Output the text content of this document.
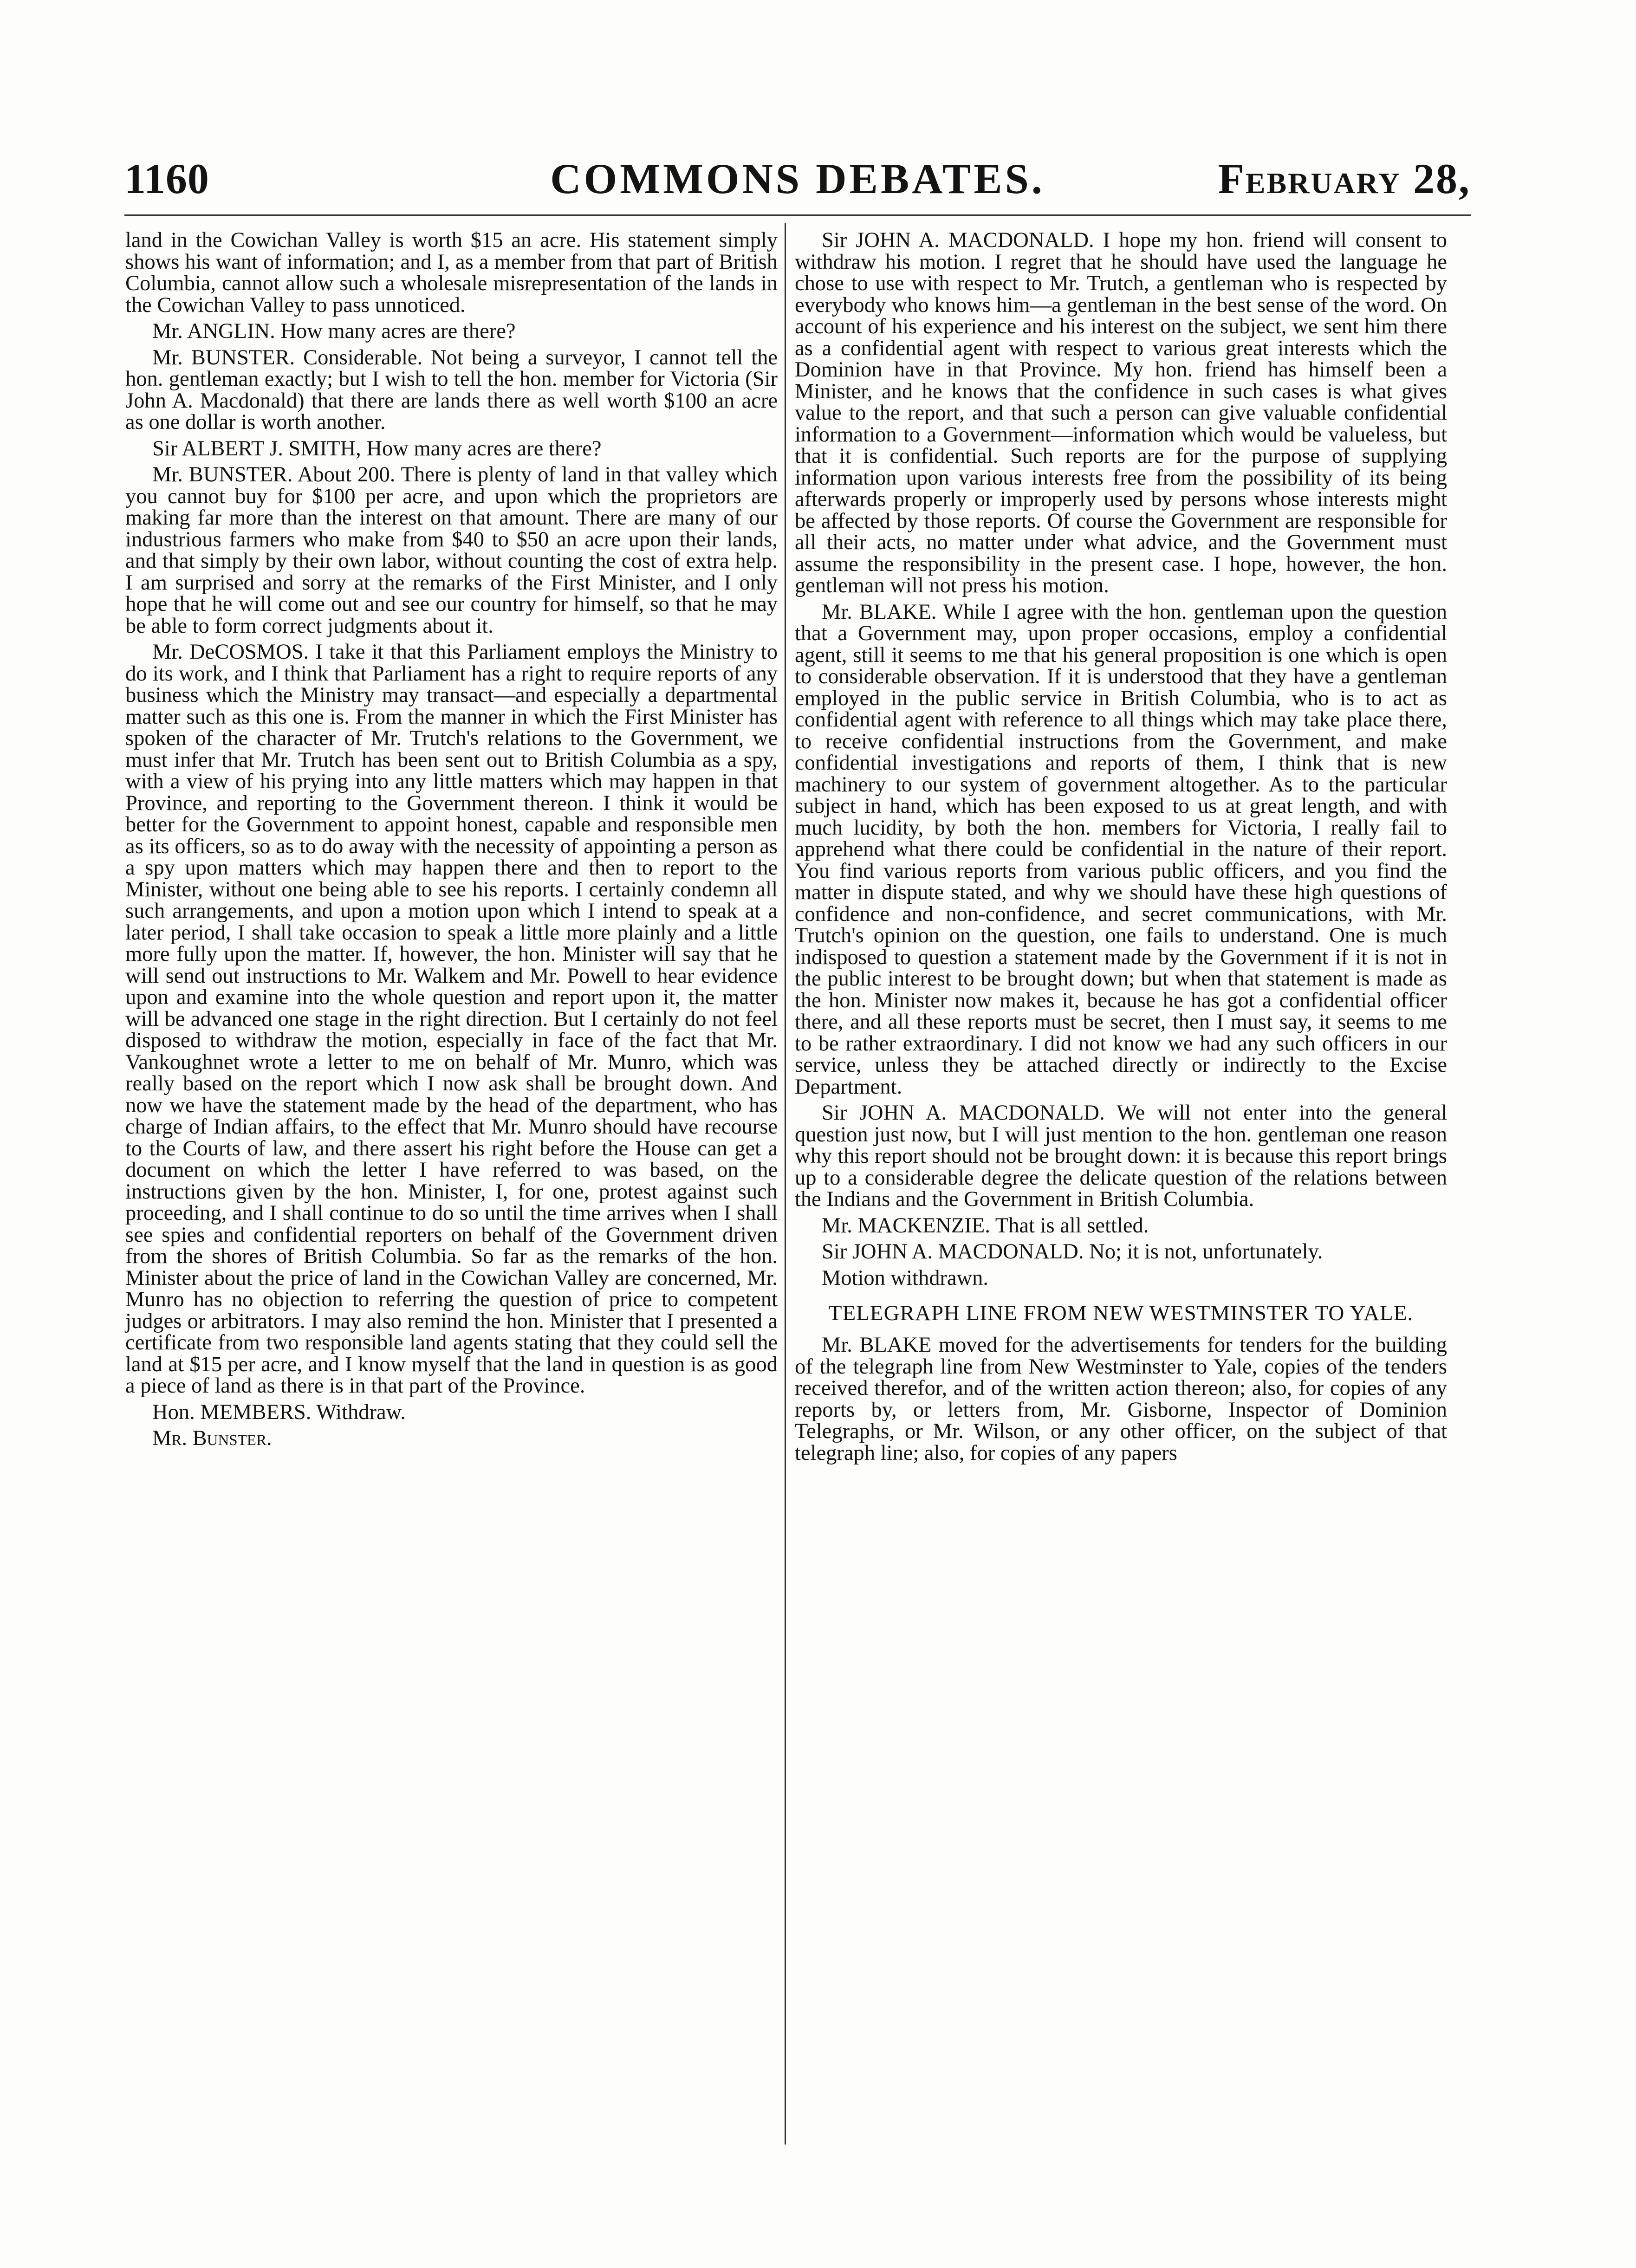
1160	COMMONS DEBATES.	February 28,

land in the Cowichan Valley is worth $15 an acre. His statement simply shows his want of information; and I, as a member from that part of British Columbia, cannot allow such a wholesale misrepresentation of the lands in the Cowichan Valley to pass unnoticed.

Mr. ANGLIN. How many acres are there?

Mr. BUNSTER. Considerable. Not being a surveyor, I cannot tell the hon. gentleman exactly; but I wish to tell the hon. member for Victoria (Sir John A. Macdonald) that there are lands there as well worth $100 an acre as one dollar is worth another.

Sir ALBERT J. SMITH, How many acres are there?

Mr. BUNSTER. About 200. There is plenty of land in that valley which you cannot buy for $100 per acre, and upon which the proprietors are making far more than the interest on that amount. There are many of our industrious farmers who make from $40 to $50 an acre upon their lands, and that simply by their own labor, without counting the cost of extra help. I am surprised and sorry at the remarks of the First Minister, and I only hope that he will come out and see our country for himself, so that he may be able to form correct judgments about it.

Mr. DeCOSMOS. I take it that this Parliament employs the Ministry to do its work, and I think that Parliament has a right to require reports of any business which the Ministry may transact—and especially a departmental matter such as this one is. From the manner in which the First Minister has spoken of the character of Mr. Trutch's relations to the Government, we must infer that Mr. Trutch has been sent out to British Columbia as a spy, with a view of his prying into any little matters which may happen in that Province, and reporting to the Government thereon. I think it would be better for the Government to appoint honest, capable and responsible men as its officers, so as to do away with the necessity of appointing a person as a spy upon matters which may happen there and then to report to the Minister, without one being able to see his reports. I certainly condemn all such arrangements, and upon a motion upon which I intend to speak at a later period, I shall take occasion to speak a little more plainly and a little more fully upon the matter. If, however, the hon. Minister will say that he will send out instructions to Mr. Walkem and Mr. Powell to hear evidence upon and examine into the whole question and report upon it, the matter will be advanced one stage in the right direction. But I certainly do not feel disposed to withdraw the motion, especially in face of the fact that Mr. Vankoughnet wrote a letter to me on behalf of Mr. Munro, which was really based on the report which I now ask shall be brought down. And now we have the statement made by the head of the department, who has charge of Indian affairs, to the effect that Mr. Munro should have recourse to the Courts of law, and there assert his right before the House can get a document on which the letter I have referred to was based, on the instructions given by the hon. Minister, I, for one, protest against such proceeding, and I shall continue to do so until the time arrives when I shall see spies and confidential reporters on behalf of the Government driven from the shores of British Columbia. So far as the remarks of the hon. Minister about the price of land in the Cowichan Valley are concerned, Mr. Munro has no objection to referring the question of price to competent judges or arbitrators. I may also remind the hon. Minister that I presented a certificate from two responsible land agents stating that they could sell the land at $15 per acre, and I know myself that the land in question is as good a piece of land as there is in that part of the Province.

Hon. MEMBERS. Withdraw.

Mr. Bunster.

Sir JOHN A. MACDONALD. I hope my hon. friend will consent to withdraw his motion. I regret that he should have used the language he chose to use with respect to Mr. Trutch, a gentleman who is respected by everybody who knows him—a gentleman in the best sense of the word. On account of his experience and his interest on the subject, we sent him there as a confidential agent with respect to various great interests which the Dominion have in that Province. My hon. friend has himself been a Minister, and he knows that the confidence in such cases is what gives value to the report, and that such a person can give valuable confidential information to a Government—information which would be valueless, but that it is confidential. Such reports are for the purpose of supplying information upon various interests free from the possibility of its being afterwards properly or improperly used by persons whose interests might be affected by those reports. Of course the Government are responsible for all their acts, no matter under what advice, and the Government must assume the responsibility in the present case. I hope, however, the hon. gentleman will not press his motion.

Mr. BLAKE. While I agree with the hon. gentleman upon the question that a Government may, upon proper occasions, employ a confidential agent, still it seems to me that his general proposition is one which is open to considerable observation. If it is understood that they have a gentleman employed in the public service in British Columbia, who is to act as confidential agent with reference to all things which may take place there, to receive confidential instructions from the Government, and make confidential investigations and reports of them, I think that is new machinery to our system of government altogether. As to the particular subject in hand, which has been exposed to us at great length, and with much lucidity, by both the hon. members for Victoria, I really fail to apprehend what there could be confidential in the nature of their report. You find various reports from various public officers, and you find the matter in dispute stated, and why we should have these high questions of confidence and non-confidence, and secret communications, with Mr. Trutch's opinion on the question, one fails to understand. One is much indisposed to question a statement made by the Government if it is not in the public interest to be brought down; but when that statement is made as the hon. Minister now makes it, because he has got a confidential officer there, and all these reports must be secret, then I must say, it seems to me to be rather extraordinary. I did not know we had any such officers in our service, unless they be attached directly or indirectly to the Excise Department.

Sir JOHN A. MACDONALD. We will not enter into the general question just now, but I will just mention to the hon. gentleman one reason why this report should not be brought down: it is because this report brings up to a considerable degree the delicate question of the relations between the Indians and the Government in British Columbia.

Mr. MACKENZIE. That is all settled.

Sir JOHN A. MACDONALD. No; it is not, unfortunately.

Motion withdrawn.

TELEGRAPH LINE FROM NEW WESTMINSTER TO YALE.

Mr. BLAKE moved for the advertisements for tenders for the building of the telegraph line from New Westminster to Yale, copies of the tenders received therefor, and of the written action thereon; also, for copies of any reports by, or letters from, Mr. Gisborne, Inspector of Dominion Telegraphs, or Mr. Wilson, or any other officer, on the subject of that telegraph line; also, for copies of any papers
